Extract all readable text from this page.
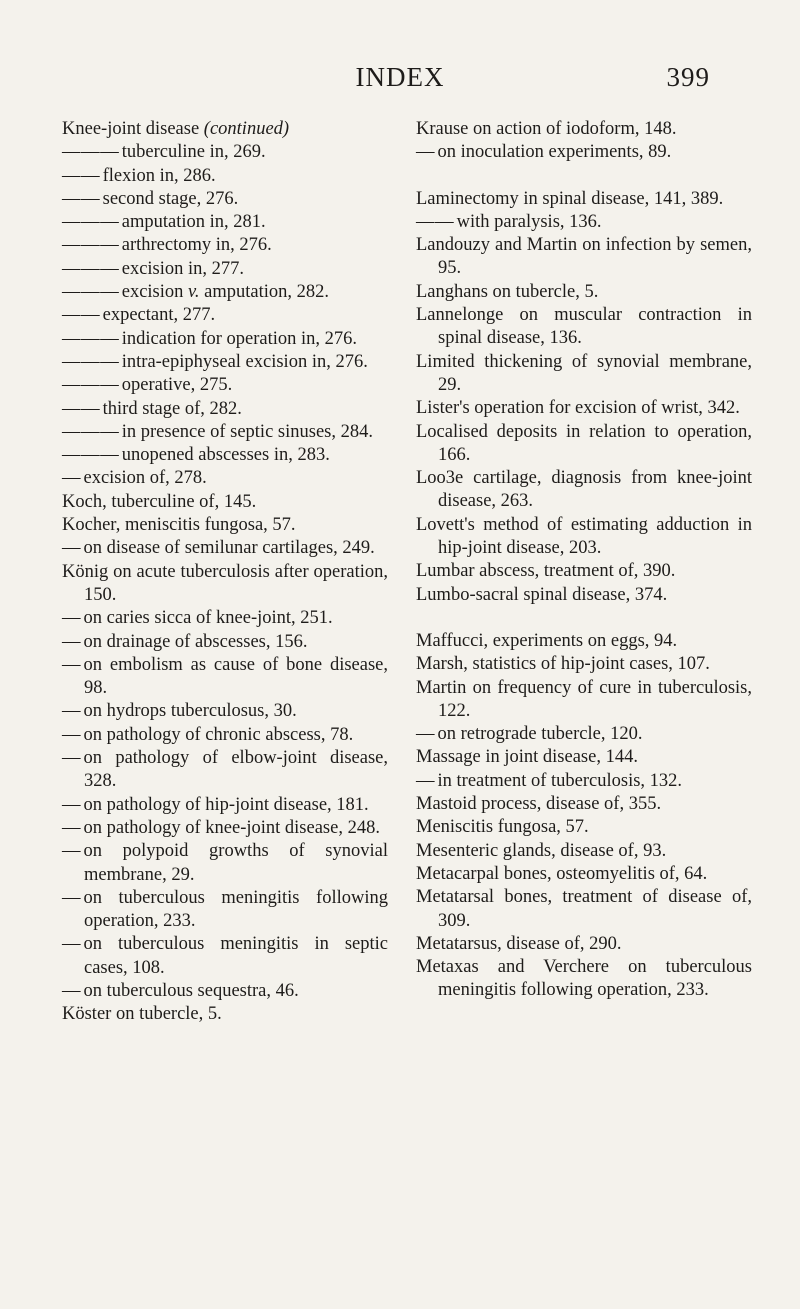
INDEX	399

Knee-joint disease (continued)

— — — tuberculine in, 269.

— — flexion in, 286.

— — second stage, 276.

— — — amputation in, 281.

— — — arthrectomy in, 276.

— — — excision in, 277.

— — — excision v. amputation, 282.

— — expectant, 277.

— — — indication for operation in, 276.

— — — intra-epiphyseal excision in, 276.

— — — operative, 275.

— — third stage of, 282.

— — — in presence of septic sinuses, 284.

— — — unopened abscesses in, 283.

— excision of, 278.

Koch, tuberculine of, 145.

Kocher, meniscitis fungosa, 57.

— on disease of semilunar cartilages, 249.

König on acute tuberculosis after operation, 150.

— on caries sicca of knee-joint, 251.

— on drainage of abscesses, 156.

— on embolism as cause of bone disease, 98.

— on hydrops tuberculosus, 30.

— on pathology of chronic abscess, 78.

— on pathology of elbow-joint disease, 328.

— on pathology of hip-joint disease, 181.

— on pathology of knee-joint disease, 248.

— on polypoid growths of synovial membrane, 29.

— on tuberculous meningitis following operation, 233.

— on tuberculous meningitis in septic cases, 108.

— on tuberculous sequestra, 46.

Köster on tubercle, 5.

Krause on action of iodoform, 148.

— on inoculation experiments, 89.

Laminectomy in spinal disease, 141, 389.

— — with paralysis, 136.

Landouzy and Martin on infection by semen, 95.

Langhans on tubercle, 5.

Lannelonge on muscular contraction in spinal disease, 136.

Limited thickening of synovial membrane, 29.

Lister's operation for excision of wrist, 342.

Localised deposits in relation to operation, 166.

Loo3e cartilage, diagnosis from knee-joint disease, 263.

Lovett's method of estimating adduction in hip-joint disease, 203.

Lumbar abscess, treatment of, 390.

Lumbo-sacral spinal disease, 374.

Maffucci, experiments on eggs, 94.

Marsh, statistics of hip-joint cases, 107.

Martin on frequency of cure in tuberculosis, 122.

— on retrograde tubercle, 120.

Massage in joint disease, 144.

— in treatment of tuberculosis, 132.

Mastoid process, disease of, 355.

Meniscitis fungosa, 57.

Mesenteric glands, disease of, 93.

Metacarpal bones, osteomyelitis of, 64.

Metatarsal bones, treatment of disease of, 309.

Metatarsus, disease of, 290.

Metaxas and Verchere on tuberculous meningitis following operation, 233.
